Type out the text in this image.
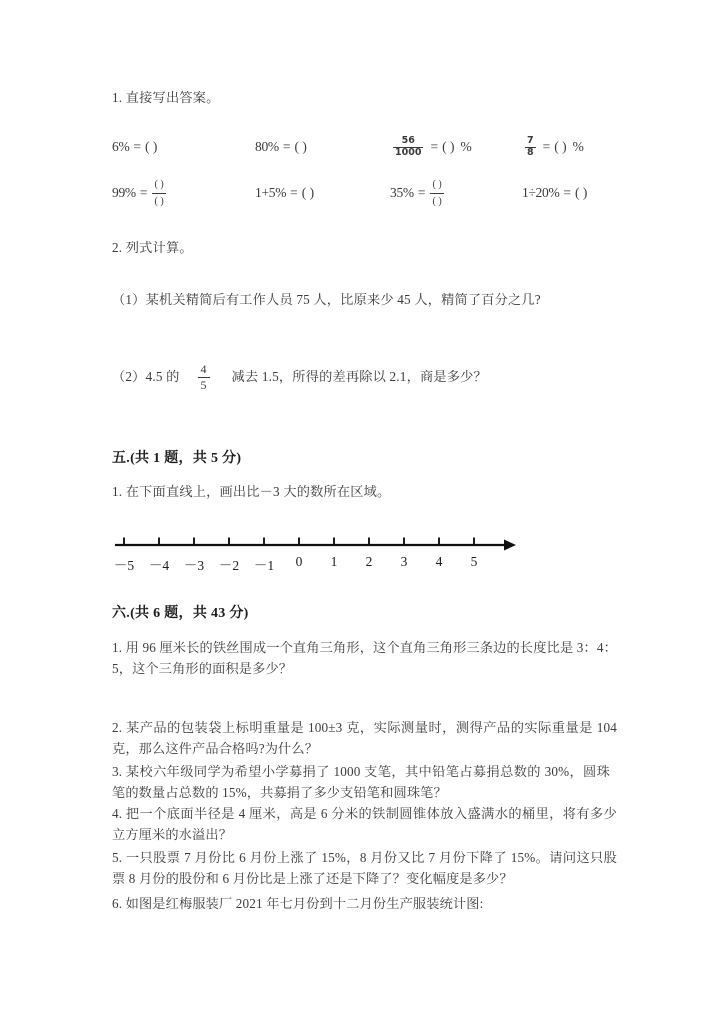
1. 直接写出答案。
6% = ( )	80% = ( )	$\frac{56}{1000}$ = ( ) %	$\frac{7}{8}$ = ( ) %
$99\% = \frac{( )}{( )}$	1+5% = ( )	$35\% = \frac{( )}{( )}$	1÷20% = ( )
2. 列式计算。
（1）某机关精简后有工作人员 75 人，比原来少 45 人，精简了百分之几?
（2）4.5 的 $\frac{4}{5}$ 减去 1.5，所得的差再除以 2.1，商是多少？
五.(共 1 题，共 5 分)
1. 在下面直线上，画出比－3 大的数所在区域。
－5 －4 －3 －2 －1 0 1 2 3 4 5
六.(共 6 题，共 43 分)
1. 用 96 厘米长的铁丝围成一个直角三角形，这个直角三角形三条边的长度比是 3：4：5，这个三角形的面积是多少？
2. 某产品的包装袋上标明重量是 100±3 克，实际测量时，测得产品的实际重量是 104 克，那么这件产品合格吗?为什么？
3. 某校六年级同学为希望小学募捐了 1000 支笔，其中铅笔占募捐总数的 30%，圆珠笔的数量占总数的 15%，共募捐了多少支铅笔和圆珠笔？
4. 把一个底面半径是 4 厘米，高是 6 分米的铁制圆锥体放入盛满水的桶里，将有多少立方厘米的水溢出？
5. 一只股票 7 月份比 6 月份上涨了 15%，8 月份又比 7 月份下降了 15%。请问这只股票 8 月份的股份和 6 月份比是上涨了还是下降了？变化幅度是多少？
6. 如图是红梅服装厂 2021 年七月份到十二月份生产服装统计图:
